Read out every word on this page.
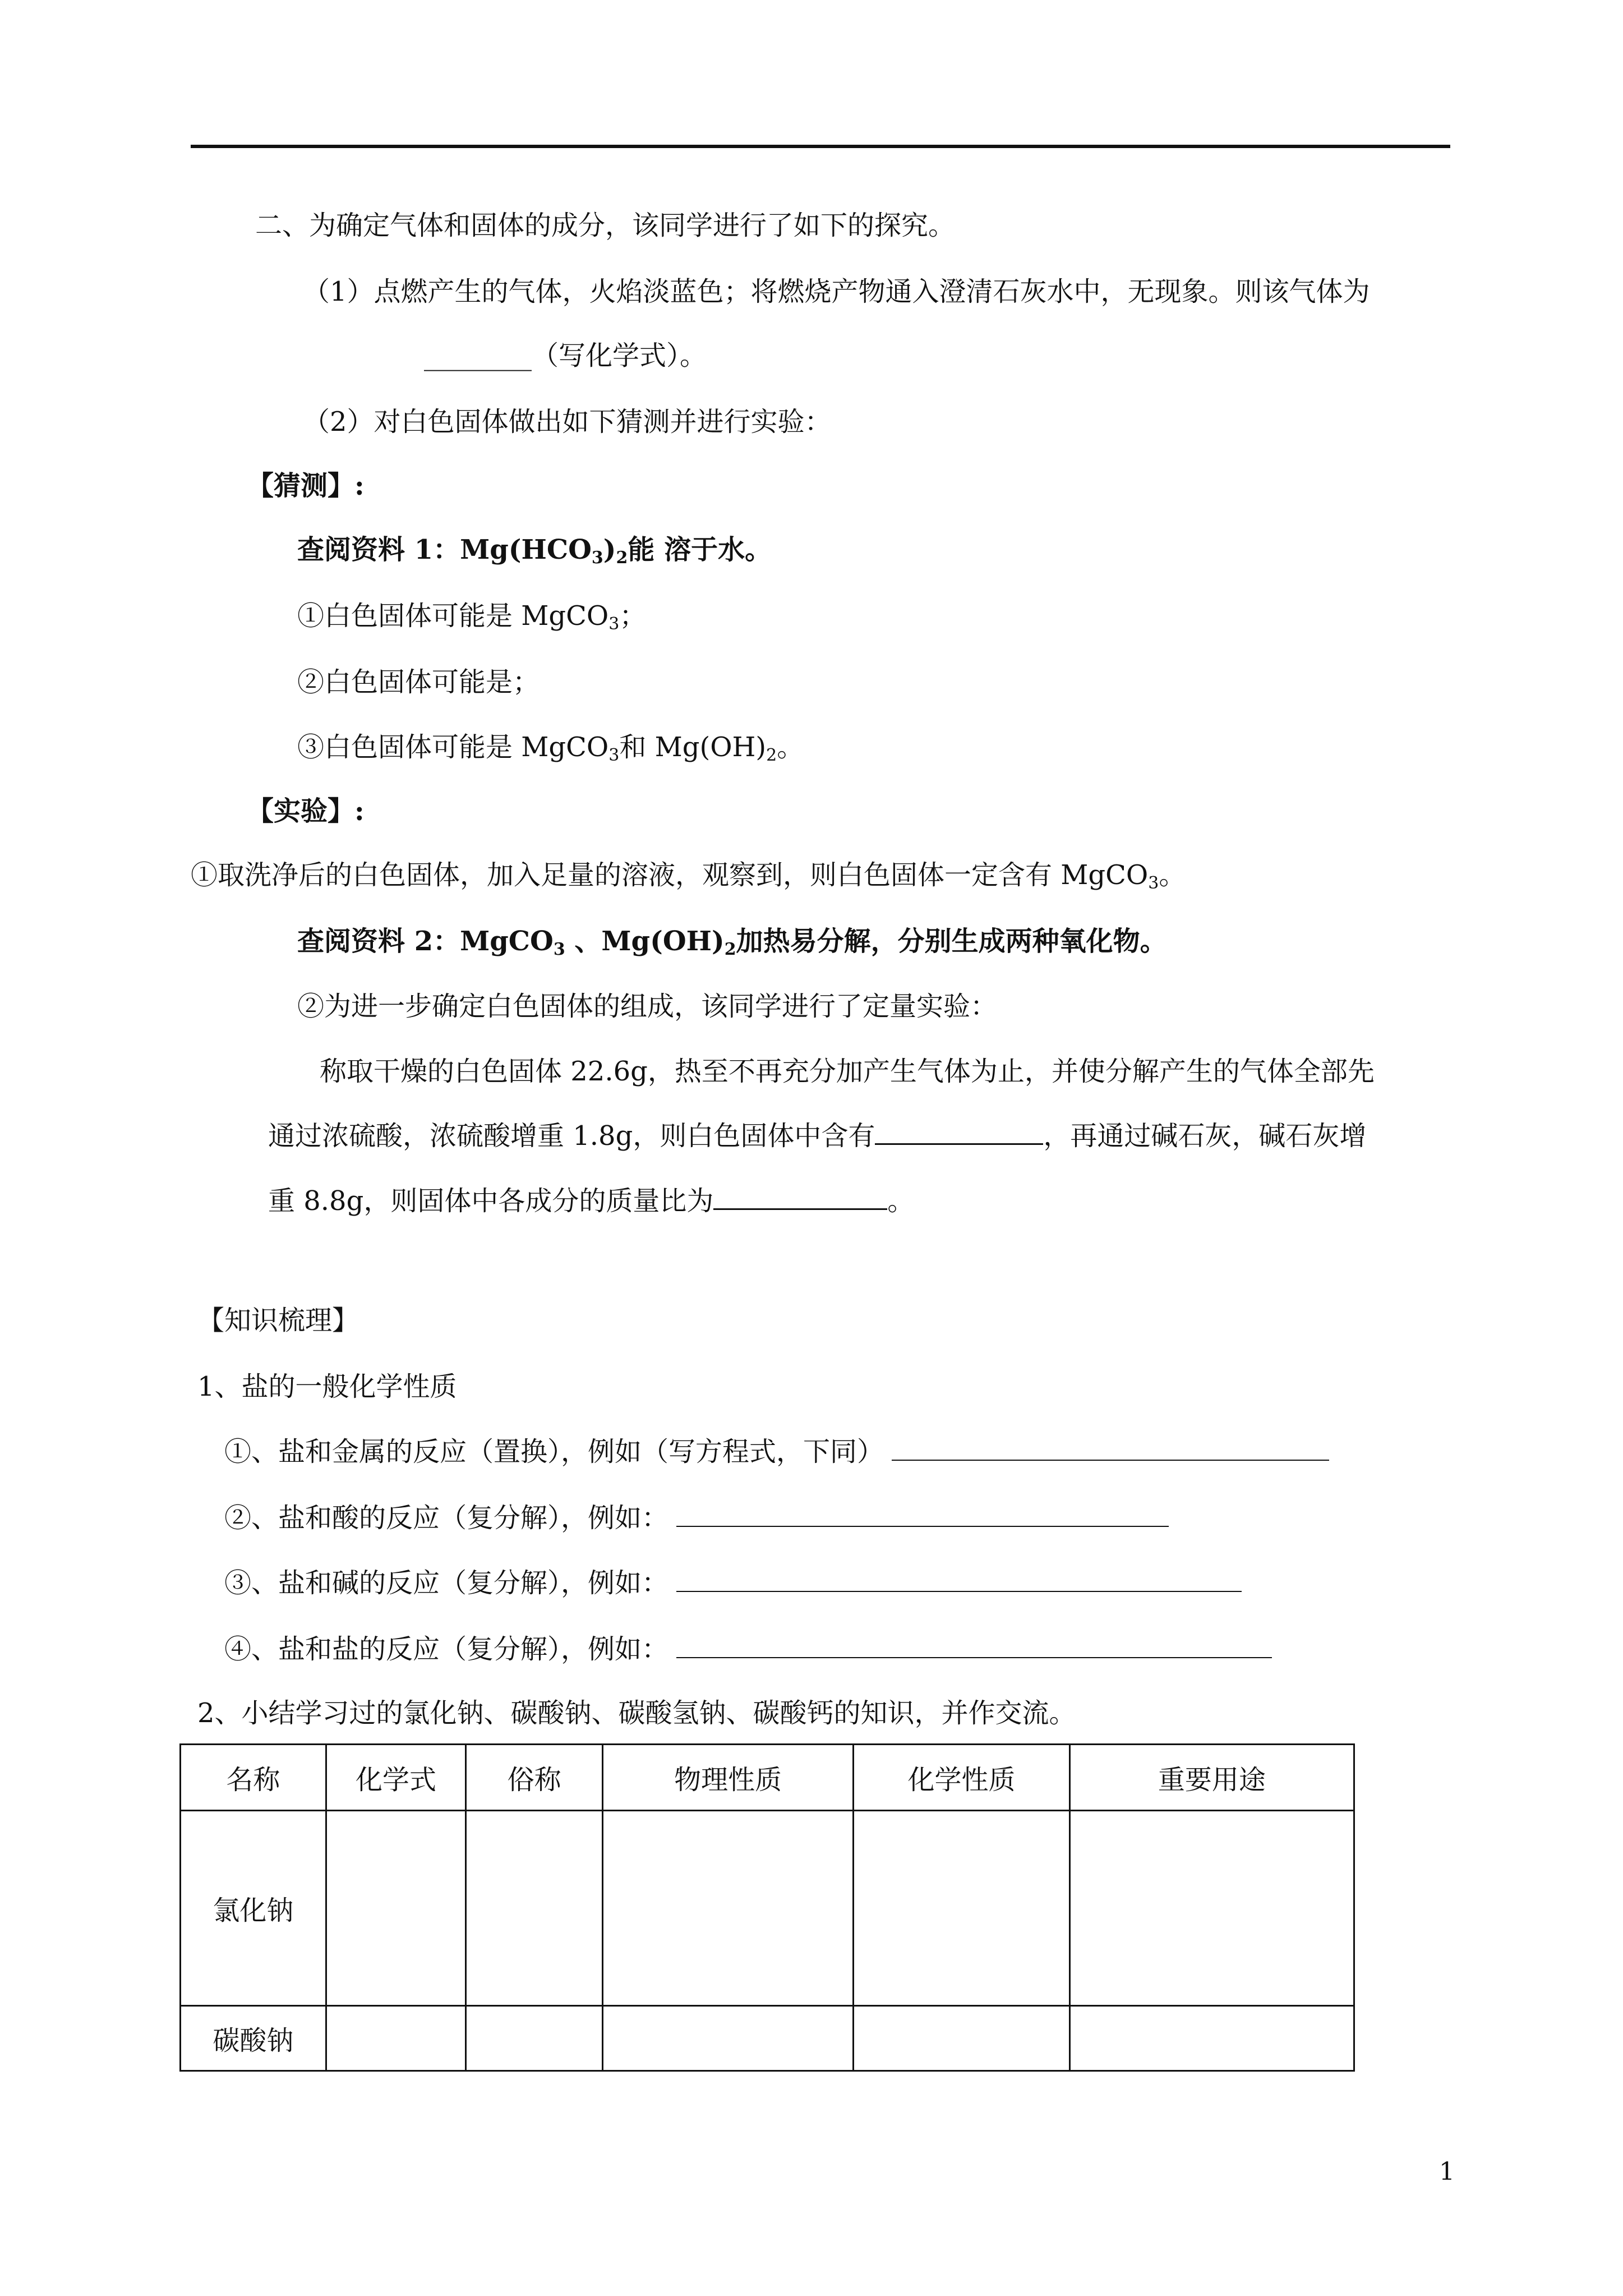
二、为确定气体和固体的成分，该同学进行了如下的探究。
（1）点燃产生的气体，火焰淡蓝色；将燃烧产物通入澄清石灰水中，无现象。则该气体为
________（写化学式）。
（2）对白色固体做出如下猜测并进行实验：
【猜测】:
查阅资料 1：$Mg(HCO_3)_2$能 溶于水。
①白色固体可能是 MgCO$_3$；
②白色固体可能是；
③白色固体可能是 MgCO$_3$和 $Mg(OH)_2$。
【实验】:
①取洗净后的白色固体，加入足量的溶液，观察到，则白色固体一定含有 MgCO$_3$。
查阅资料 2：MgCO$_3$ 、$Mg(OH)_2$加热易分解，分别生成两种氧化物。
②为进一步确定白色固体的组成，该同学进行了定量实验：
称取干燥的白色固体 22.6g，热至不再充分加产生气体为止，并使分解产生的气体全部先
通过浓硫酸，浓硫酸增重 1.8g，则白色固体中含有	，再通过碱石灰，碱石灰增
重 8.8g，则固体中各成分的质量比为	。
【知识梳理】
1、盐的一般化学性质
①、盐和金属的反应（置换），例如（写方程式，下同）
②、盐和酸的反应（复分解），例如：
③、盐和碱的反应（复分解），例如：
④、盐和盐的反应（复分解），例如：
2、小结学习过的氯化钠、碳酸钠、碳酸氢钠、碳酸钙的知识，并作交流。
名称	化学式	俗称	物理性质	化学性质	重要用途
氯化钠					
碳酸钠					
1
